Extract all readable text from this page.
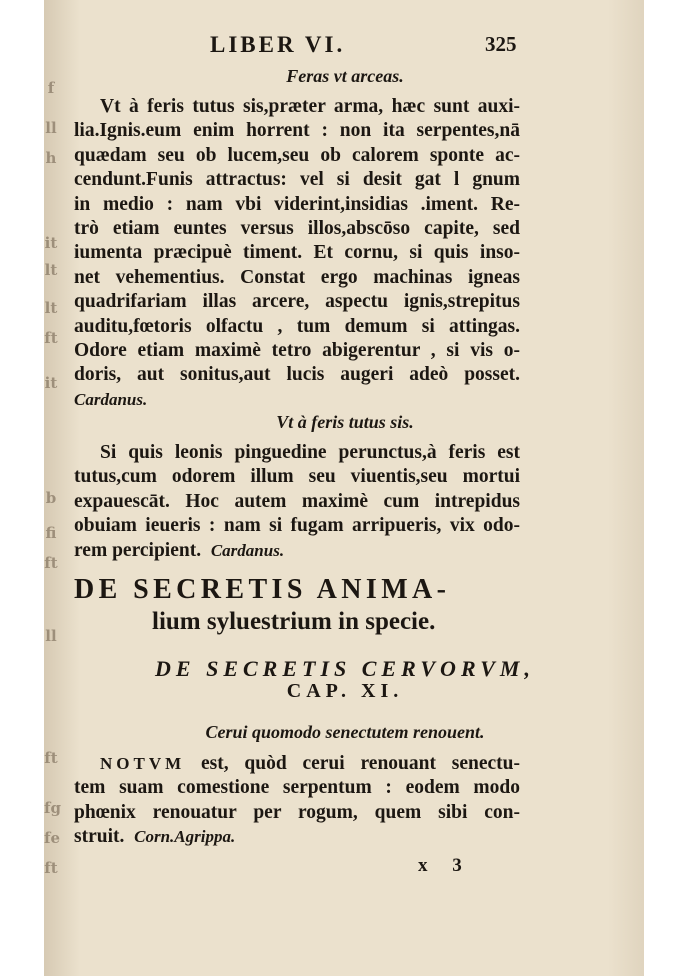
f
ll
h
it
lt
lt
ft
it
b
fi
ft
ll
ft
fg
fe
ft
LIBER VI.	325
Feras vt arceas.
Vt à feris tutus sis,præter arma, hæc sunt auxi-
lia.Ignis.eum enim horrent : non ita serpentes,nā
quædam seu ob lucem,seu ob calorem sponte ac-
cendunt.Funis attractus: vel si desit gat l gnum
in medio : nam vbi viderint,insidias .iment. Re-
trò etiam euntes versus illos,abscōso capite, sed
iumenta præcipuè timent. Et cornu, si quis inso-
net vehementius. Constat ergo machinas igneas
quadrifariam illas arcere, aspectu ignis,strepitus
auditu,fœtoris olfactu , tum demum si attingas.
Odore etiam maximè tetro abigerentur , si vis o-
doris, aut sonitus,aut lucis augeri adeò posset.
Cardanus.
Vt à feris tutus sis.
Si quis leonis pinguedine perunctus,à feris est
tutus,cum odorem illum seu viuentis,seu mortui
expauescāt. Hoc autem maximè cum intrepidus
obuiam ieueris : nam si fugam arripueris, vix odo-
rem percipient. Cardanus.
DE SECRETIS ANIMA-
lium syluestrium in specie.
DE SECRETIS CERVORVM,
CAP. XI.
Cerui quomodo senectutem renouent.
NOTVM est, quòd cerui renouant senectu-
tem suam comestione serpentum : eodem modo
phœnix renouatur per rogum, quem sibi con-
struit. Corn.Agrippa.
x 3
